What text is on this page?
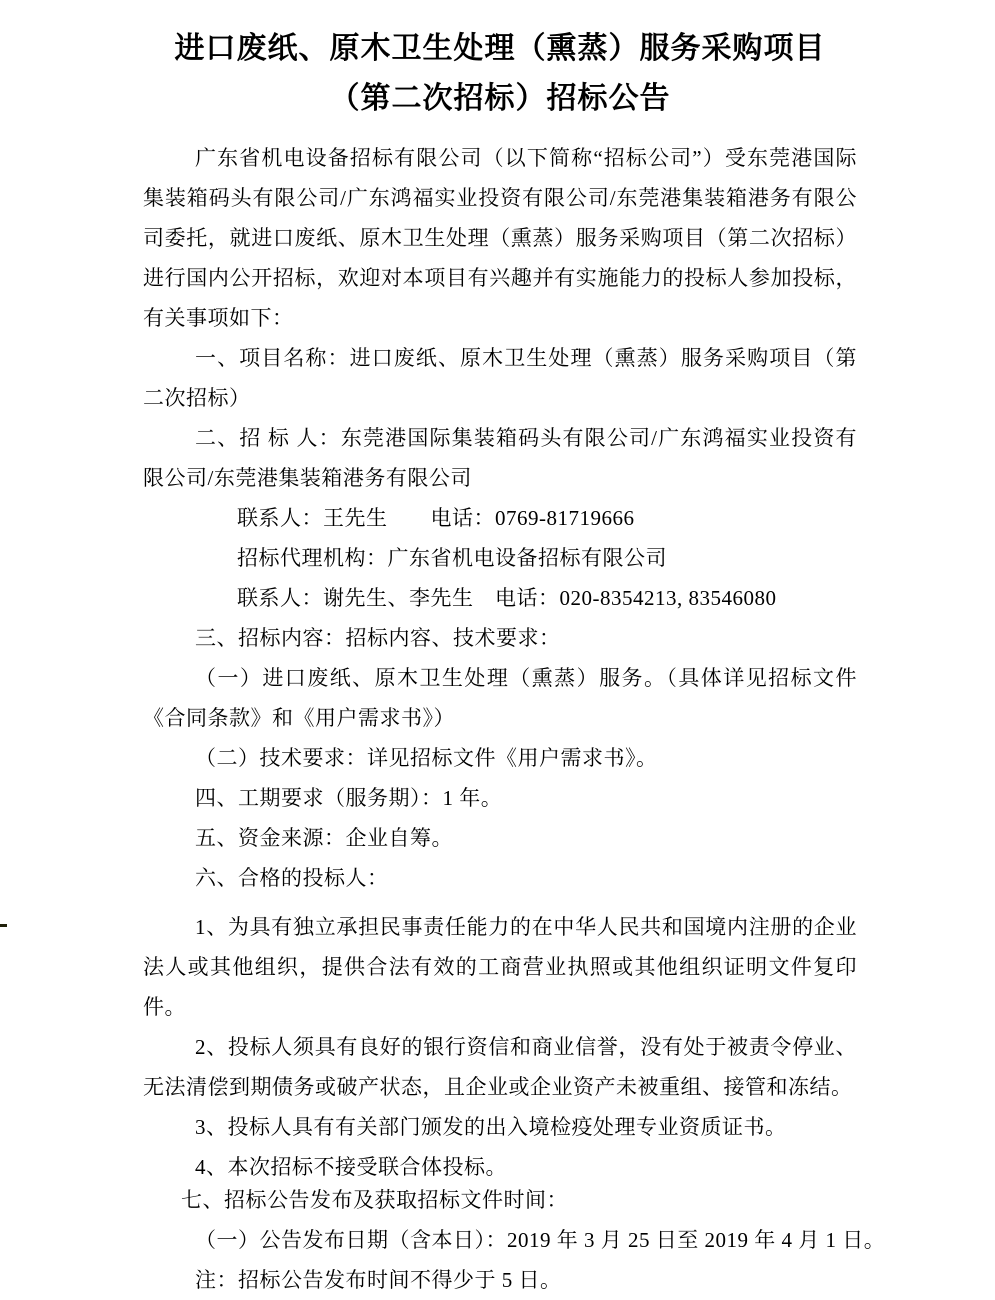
进口废纸、原木卫生处理（熏蒸）服务采购项目
（第二次招标）招标公告

广东省机电设备招标有限公司（以下简称“招标公司”）受东莞港国际集装箱码头有限公司/广东鸿福实业投资有限公司/东莞港集装箱港务有限公司委托，就进口废纸、原木卫生处理（熏蒸）服务采购项目（第二次招标）进行国内公开招标，欢迎对本项目有兴趣并有实施能力的投标人参加投标，有关事项如下：

一、项目名称：进口废纸、原木卫生处理（熏蒸）服务采购项目（第二次招标）

二、招 标 人：东莞港国际集装箱码头有限公司/广东鸿福实业投资有限公司/东莞港集装箱港务有限公司

联系人：王先生　　电话：0769-81719666

招标代理机构：广东省机电设备招标有限公司

联系人：谢先生、李先生　电话：020-8354213, 83546080

三、招标内容：招标内容、技术要求：

（一）进口废纸、原木卫生处理（熏蒸）服务。（具体详见招标文件《合同条款》和《用户需求书》）

（二）技术要求：详见招标文件《用户需求书》。

四、工期要求（服务期）：1 年。

五、资金来源：企业自筹。

六、合格的投标人：

1、为具有独立承担民事责任能力的在中华人民共和国境内注册的企业法人或其他组织，提供合法有效的工商营业执照或其他组织证明文件复印件。

2、投标人须具有良好的银行资信和商业信誉，没有处于被责令停业、无法清偿到期债务或破产状态，且企业或企业资产未被重组、接管和冻结。

3、投标人具有有关部门颁发的出入境检疫处理专业资质证书。

4、本次招标不接受联合体投标。

七、招标公告发布及获取招标文件时间：

（一）公告发布日期（含本日）：2019 年 3 月 25 日至 2019 年 4 月 1 日。

注：招标公告发布时间不得少于 5 日。
